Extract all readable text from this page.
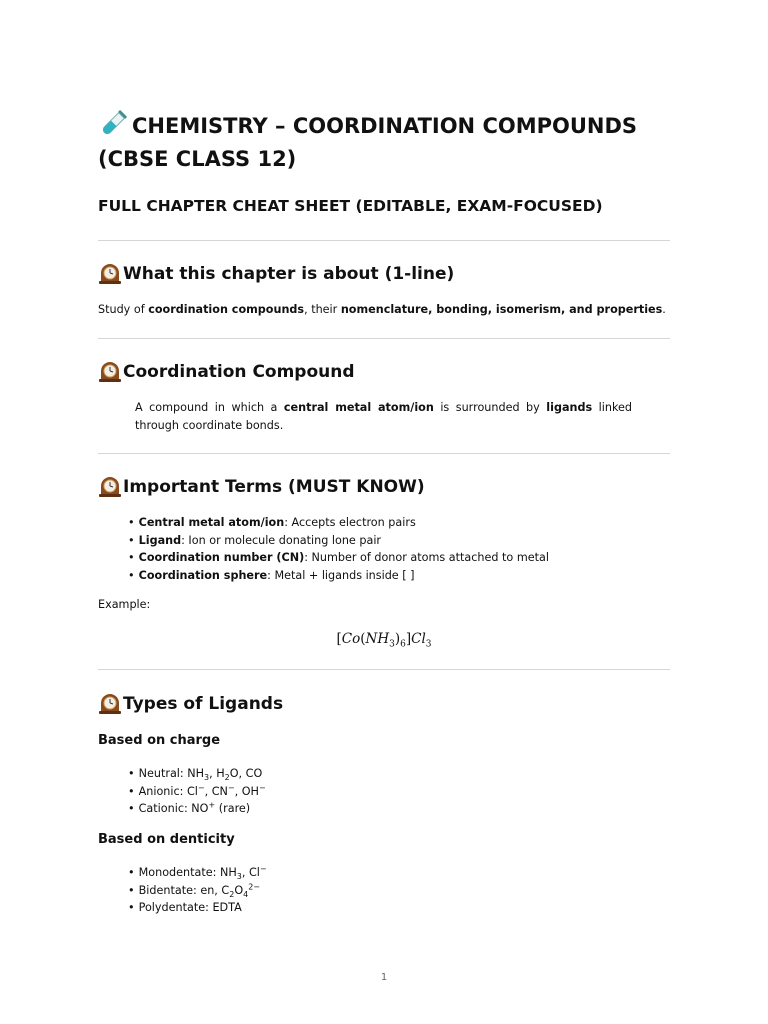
CHEMISTRY – COORDINATION COMPOUNDS
(CBSE CLASS 12)

FULL CHAPTER CHEAT SHEET (EDITABLE, EXAM-FOCUSED)

What this chapter is about (1-line)

Study of coordination compounds, their nomenclature, bonding, isomerism, and properties.

Coordination Compound

A compound in which a central metal atom/ion is surrounded by ligands linked through coordinate bonds.

Important Terms (MUST KNOW)

• Central metal atom/ion: Accepts electron pairs
• Ligand: Ion or molecule donating lone pair
• Coordination number (CN): Number of donor atoms attached to metal
• Coordination sphere: Metal + ligands inside [ ]

Example:

$[Co(NH_3)_6]Cl_3$

Types of Ligands

Based on charge

• Neutral: $NH_3$, $H_2O$, CO
• Anionic: Cl−, CN−, OH−
• Cationic: NO+ (rare)

Based on denticity

• Monodentate: $NH_3$, Cl−
• Bidentate: en, $C_2O_4^{2-}$
• Polydentate: EDTA
1
